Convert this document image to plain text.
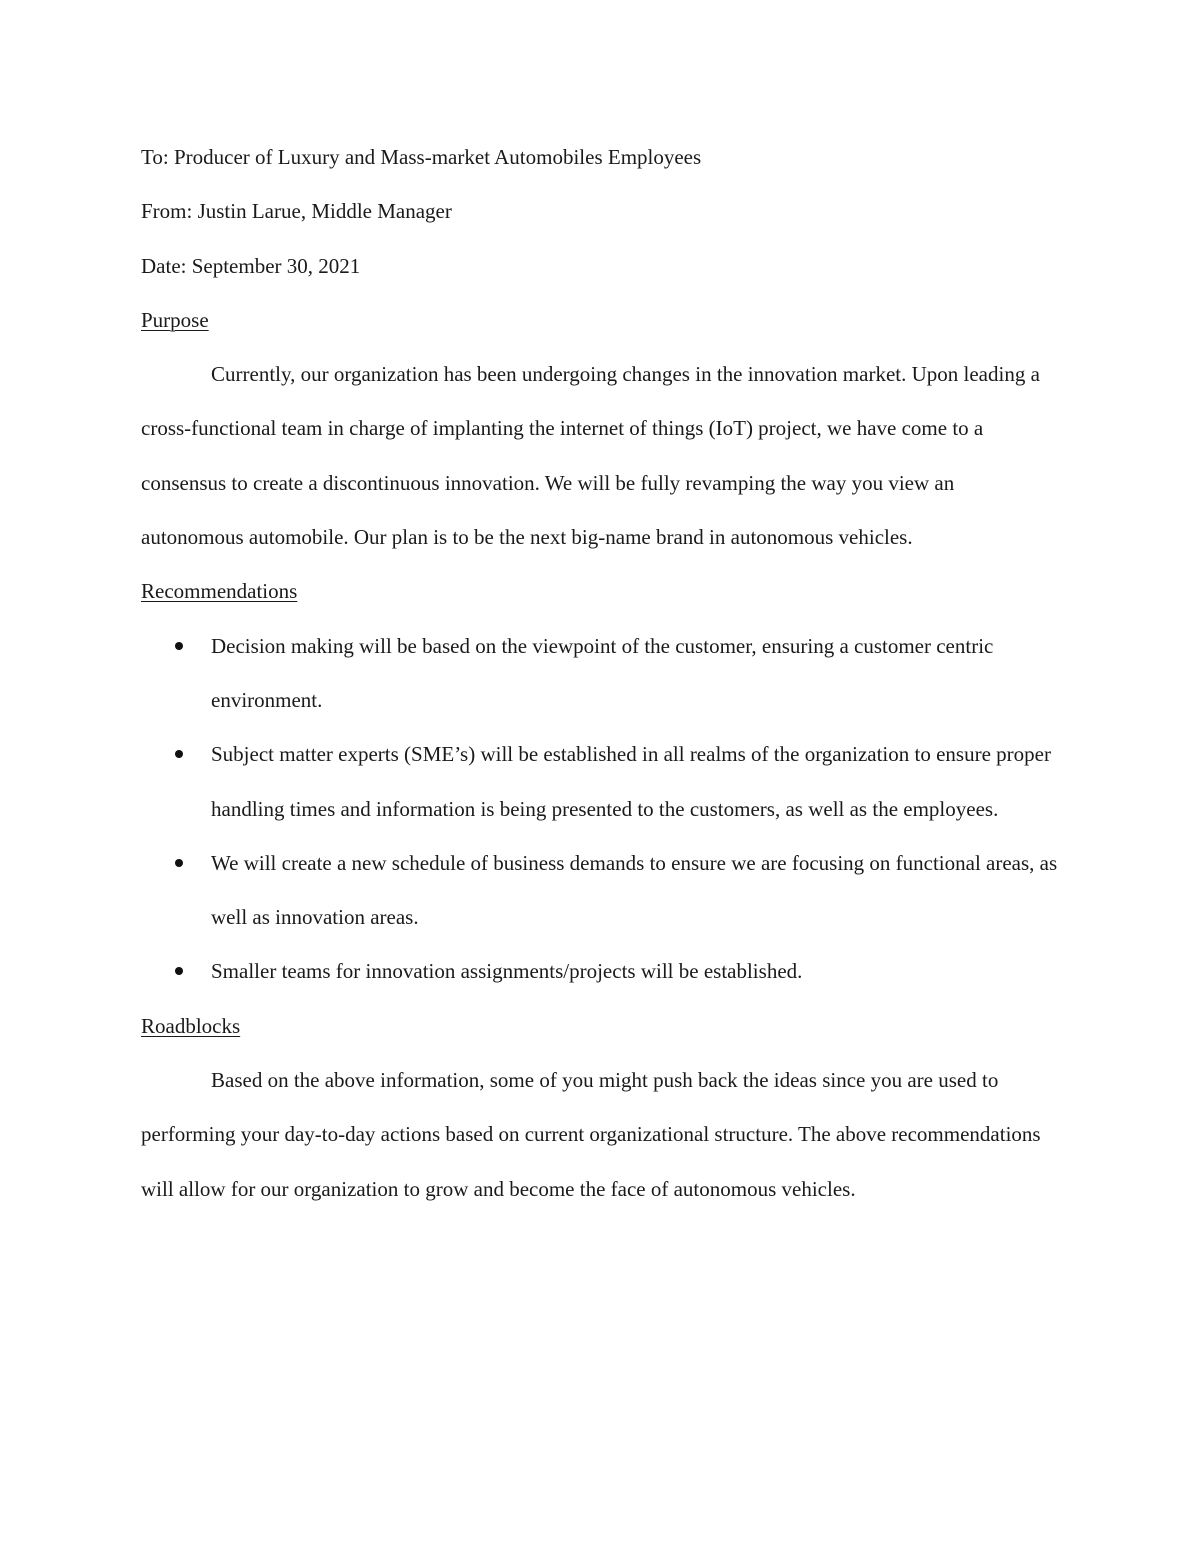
To: Producer of Luxury and Mass-market Automobiles Employees

From: Justin Larue, Middle Manager

Date: September 30, 2021

Purpose

Currently, our organization has been undergoing changes in the innovation market. Upon leading a cross-functional team in charge of implanting the internet of things (IoT) project, we have come to a consensus to create a discontinuous innovation. We will be fully revamping the way you view an autonomous automobile. Our plan is to be the next big-name brand in autonomous vehicles.

Recommendations

Decision making will be based on the viewpoint of the customer, ensuring a customer centric environment.
Subject matter experts (SME’s) will be established in all realms of the organization to ensure proper handling times and information is being presented to the customers, as well as the employees.
We will create a new schedule of business demands to ensure we are focusing on functional areas, as well as innovation areas.
Smaller teams for innovation assignments/projects will be established.

Roadblocks

Based on the above information, some of you might push back the ideas since you are used to performing your day-to-day actions based on current organizational structure. The above recommendations will allow for our organization to grow and become the face of autonomous vehicles.
